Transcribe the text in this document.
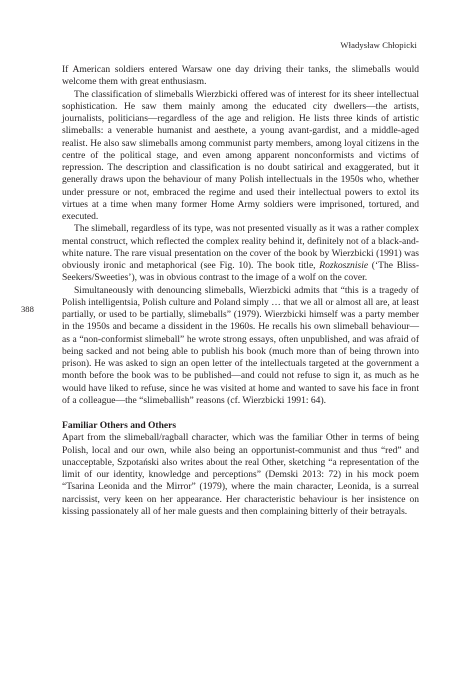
Władysław Chłopicki
388

If American soldiers entered Warsaw one day driving their tanks, the slimeballs would welcome them with great enthusiasm.

The classification of slimeballs Wierzbicki offered was of interest for its sheer intellectual sophistication. He saw them mainly among the educated city dwellers—the artists, journalists, politicians—regardless of the age and religion. He lists three kinds of artistic slimeballs: a venerable humanist and aesthete, a young avant-gardist, and a middle-aged realist. He also saw slimeballs among communist party members, among loyal citizens in the centre of the political stage, and even among apparent nonconformists and victims of repression. The description and classification is no doubt satirical and exaggerated, but it generally draws upon the behaviour of many Polish intellectuals in the 1950s who, whether under pressure or not, embraced the regime and used their intellectual powers to extol its virtues at a time when many former Home Army soldiers were imprisoned, tortured, and executed.

The slimeball, regardless of its type, was not presented visually as it was a rather complex mental construct, which reflected the complex reality behind it, definitely not of a black-and-white nature. The rare visual presentation on the cover of the book by Wierzbicki (1991) was obviously ironic and metaphorical (see Fig. 10). The book title, Rozkosznisie (‘The Bliss-Seekers/Sweeties’), was in obvious contrast to the image of a wolf on the cover.

Simultaneously with denouncing slimeballs, Wierzbicki admits that “this is a tragedy of Polish intelligentsia, Polish culture and Poland simply … that we all or almost all are, at least partially, or used to be partially, slimeballs” (1979). Wierzbicki himself was a party member in the 1950s and became a dissident in the 1960s. He recalls his own slimeball behaviour—as a “non-conformist slimeball” he wrote strong essays, often unpublished, and was afraid of being sacked and not being able to publish his book (much more than of being thrown into prison). He was asked to sign an open letter of the intellectuals targeted at the government a month before the book was to be published—and could not refuse to sign it, as much as he would have liked to refuse, since he was visited at home and wanted to save his face in front of a colleague—the “slimeballish” reasons (cf. Wierzbicki 1991: 64).

Familiar Others and Others

Apart from the slimeball/ragball character, which was the familiar Other in terms of being Polish, local and our own, while also being an opportunist-communist and thus “red” and unacceptable, Szpotański also writes about the real Other, sketching “a representation of the limit of our identity, knowledge and perceptions” (Demski 2013: 72) in his mock poem “Tsarina Leonida and the Mirror” (1979), where the main character, Leonida, is a surreal narcissist, very keen on her appearance. Her characteristic behaviour is her insistence on kissing passionately all of her male guests and then complaining bitterly of their betrayals.
